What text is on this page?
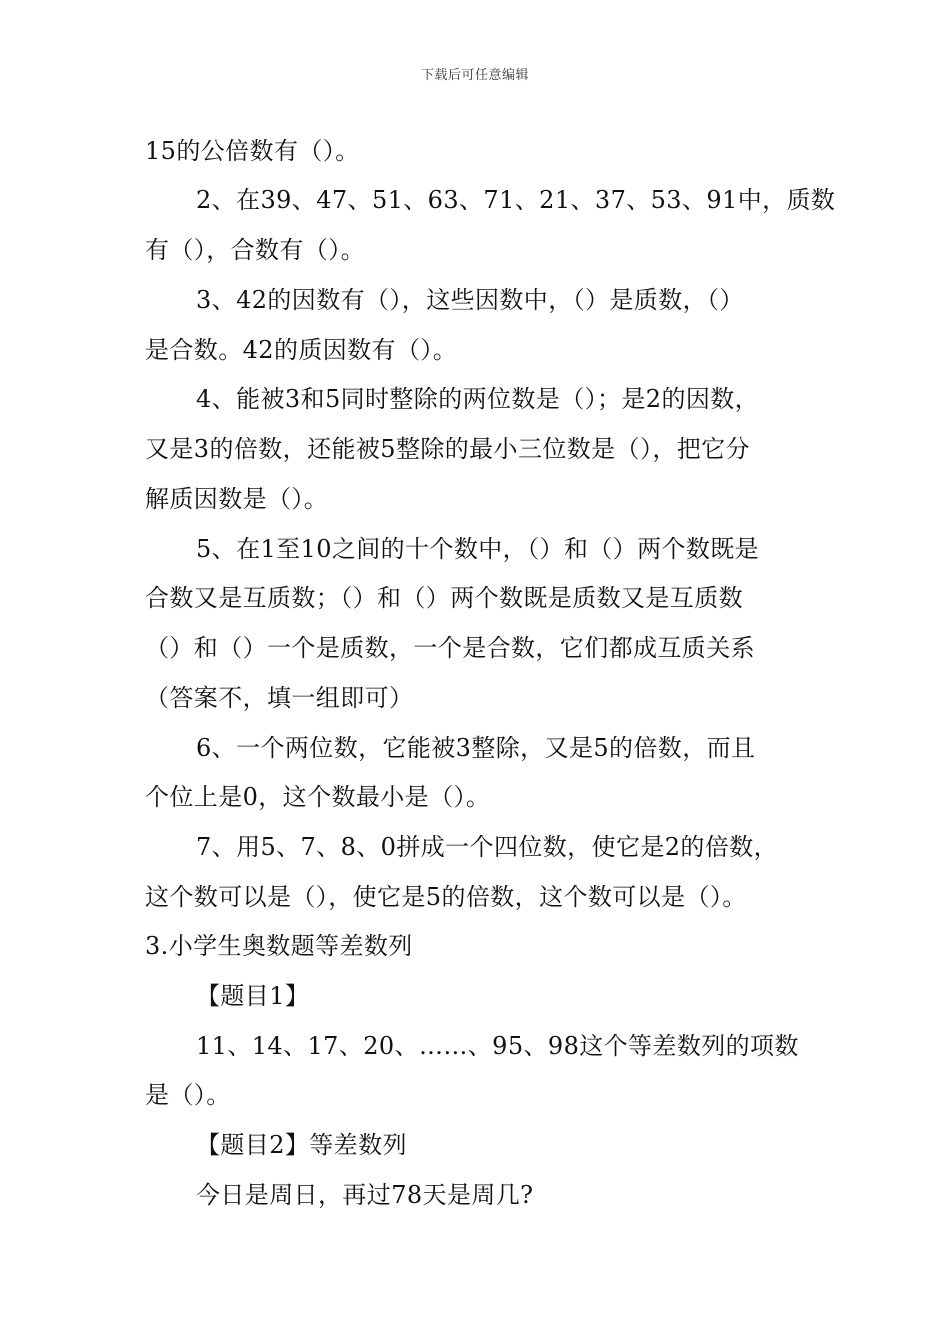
下载后可任意编辑
15的公倍数有（）。
2、在39、47、51、63、71、21、37、53、91中，质数
有（），合数有（）。
3、42的因数有（），这些因数中，（）是质数，（）
是合数。42的质因数有（）。
4、能被3和5同时整除的两位数是（）；是2的因数，
又是3的倍数，还能被5整除的最小三位数是（），把它分
解质因数是（）。
5、在1至10之间的十个数中，（）和（）两个数既是
合数又是互质数；（）和（）两个数既是质数又是互质数
（）和（）一个是质数，一个是合数，它们都成互质关系
（答案不，填一组即可）
6、一个两位数，它能被3整除，又是5的倍数，而且
个位上是0，这个数最小是（）。
7、用5、7、8、0拼成一个四位数，使它是2的倍数，
这个数可以是（），使它是5的倍数，这个数可以是（）。
3.小学生奥数题等差数列
【题目1】
11、14、17、20、……、95、98这个等差数列的项数
是（）。
【题目2】等差数列
今日是周日，再过78天是周几?
